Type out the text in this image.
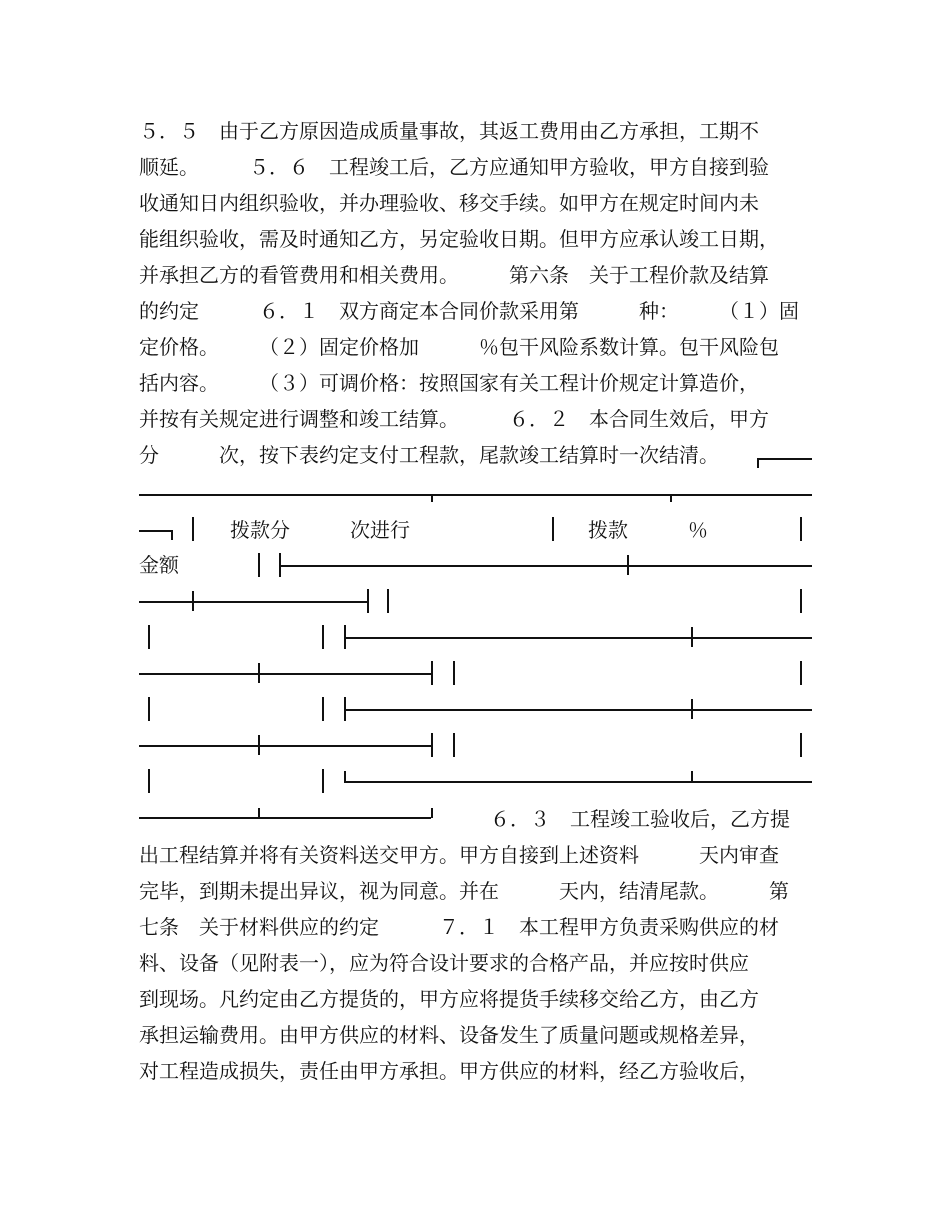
５．５　由于乙方原因造成质量事故，其返工费用由乙方承担，工期不

顺延。　　　５．６　工程竣工后，乙方应通知甲方验收，甲方自接到验

收通知日内组织验收，并办理验收、移交手续。如甲方在规定时间内未

能组织验收，需及时通知乙方，另定验收日期。但甲方应承认竣工日期，

并承担乙方的看管费用和相关费用。　　　第六条　关于工程价款及结算

的约定　　　６．１　双方商定本合同价款采用第　　　种：　　　（１）固

定价格。　　　（２）固定价格加　　　％包干风险系数计算。包干风险包

括内容。　　　（３）可调价格：按照国家有关工程计价规定计算造价，

并按有关规定进行调整和竣工结算。　　　６．２　本合同生效后，甲方

分　　　次，按下表约定支付工程款，尾款竣工结算时一次结清。

拨款分　　　次进行	拨款　　　％
金额
６．３　工程竣工验收后，乙方提

出工程结算并将有关资料送交甲方。甲方自接到上述资料　　　天内审查

完毕，到期未提出异议，视为同意。并在　　　天内，结清尾款。　　　第

七条　关于材料供应的约定　　　７．１　本工程甲方负责采购供应的材

料、设备（见附表一），应为符合设计要求的合格产品，并应按时供应

到现场。凡约定由乙方提货的，甲方应将提货手续移交给乙方，由乙方

承担运输费用。由甲方供应的材料、设备发生了质量问题或规格差异，

对工程造成损失，责任由甲方承担。甲方供应的材料，经乙方验收后，
